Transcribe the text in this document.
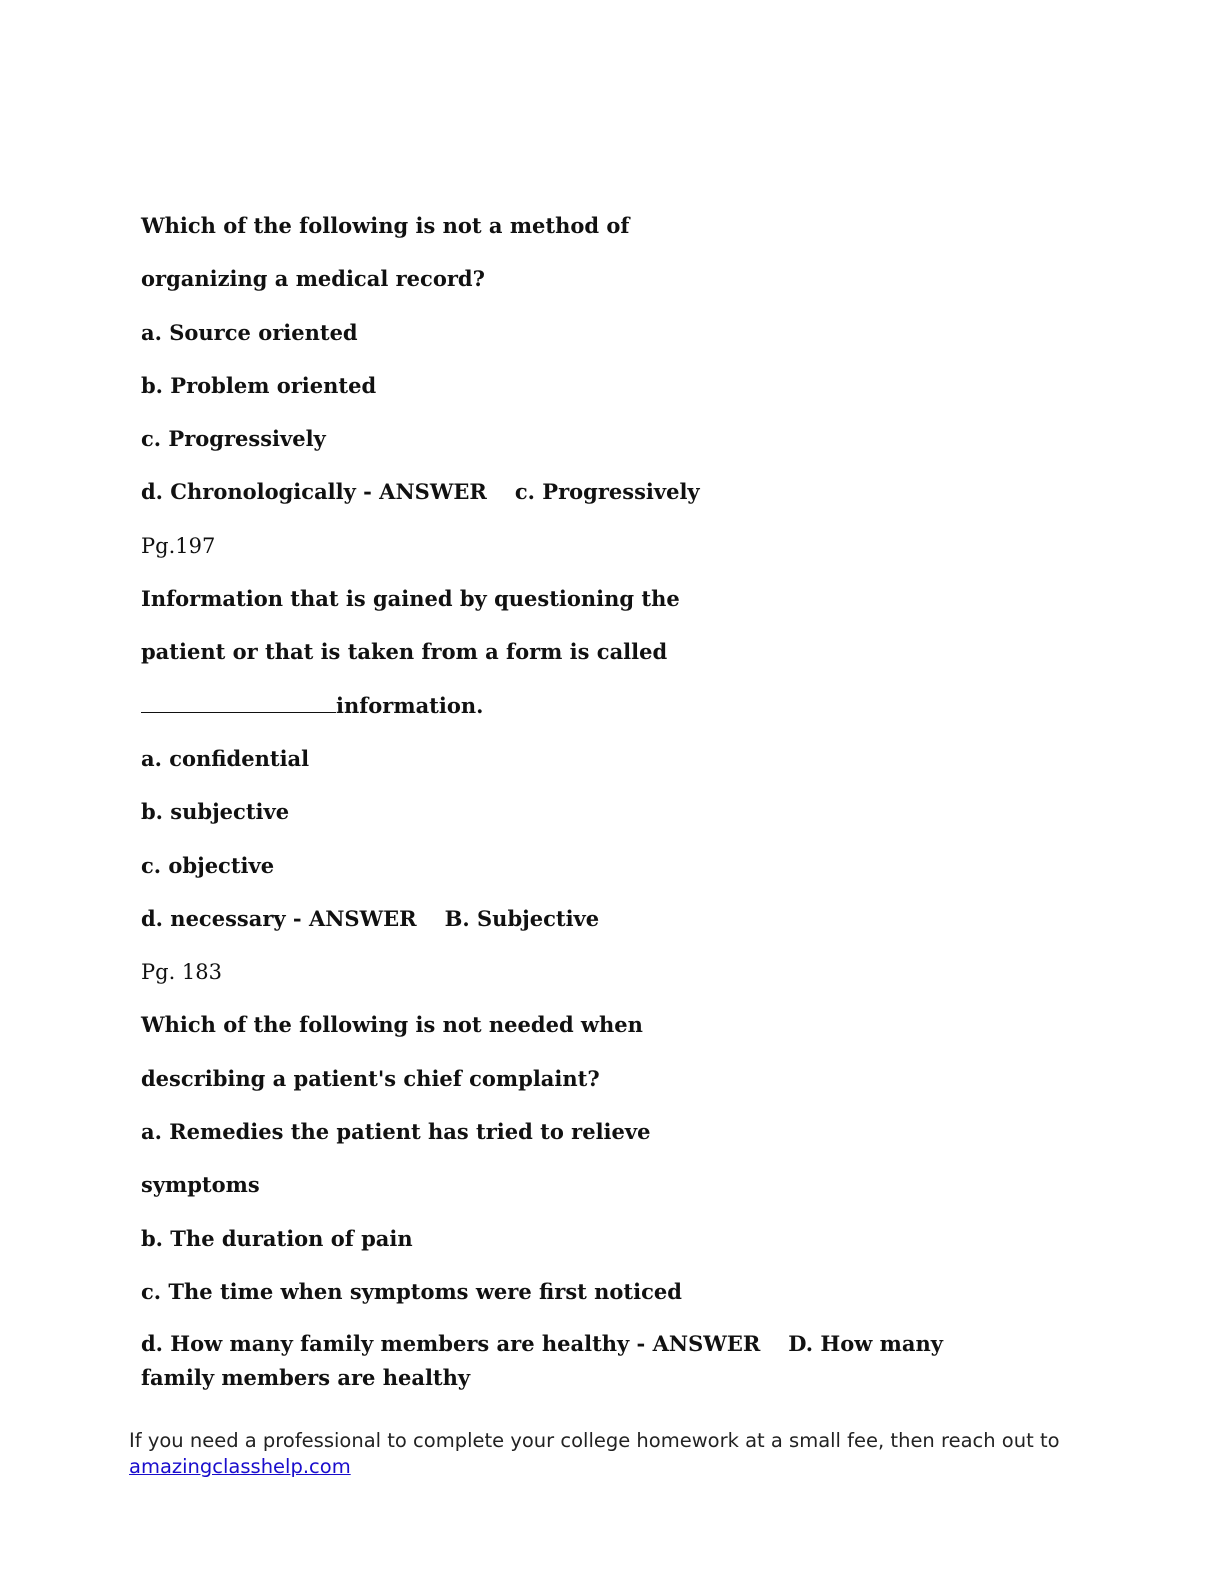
Which of the following is not a method of
organizing a medical record?
a. Source oriented
b. Problem oriented
c. Progressively
d. Chronologically - ANSWER c. Progressively
Pg.197
Information that is gained by questioning the
patient or that is taken from a form is called
information.
a. confidential
b. subjective
c. objective
d. necessary - ANSWER B. Subjective
Pg. 183
Which of the following is not needed when
describing a patient's chief complaint?
a. Remedies the patient has tried to relieve
symptoms
b. The duration of pain
c. The time when symptoms were first noticed
d. How many family members are healthy - ANSWER D. How many family members are healthy
If you need a professional to complete your college homework at a small fee, then reach out to
amazingclasshelp.com
